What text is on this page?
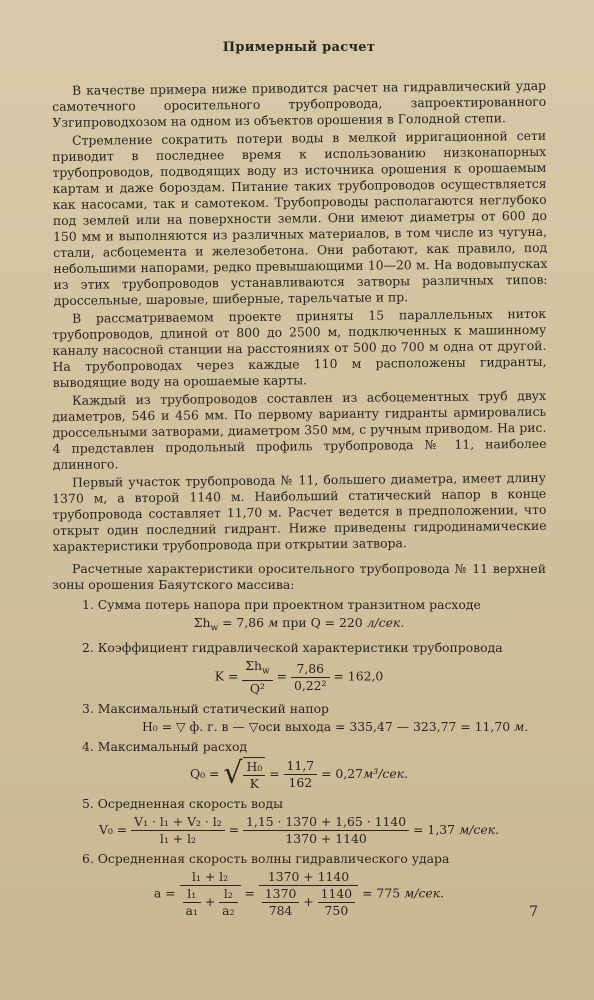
Примерный расчет

В качестве примера ниже приводится расчет на гидравлический удар самотечного оросительного трубопровода, запроектированного Узгипроводхозом на одном из объектов орошения в Голодной степи.

Стремление сократить потери воды в мелкой ирригационной сети приводит в последнее время к использованию низконапорных трубопроводов, подводящих воду из источника орошения к орошаемым картам и даже бороздам. Питание таких трубопроводов осуществляется как насосами, так и самотеком. Трубопроводы располагаются неглубоко под землей или на поверхности земли. Они имеют диаметры от 600 до 150 мм и выполняются из различных материалов, в том числе из чугуна, стали, асбоцемента и железобетона. Они работают, как правило, под небольшими напорами, редко превышающими 10—20 м. На водовыпусках из этих трубопроводов устанавливаются затворы различных типов: дроссельные, шаровые, шиберные, тарельчатые и пр.

В рассматриваемом проекте приняты 15 параллельных ниток трубопроводов, длиной от 800 до 2500 м, подключенных к машинному каналу насосной станции на расстояниях от 500 до 700 м одна от другой. На трубопроводах через каждые 110 м расположены гидранты, выводящие воду на орошаемые карты.

Каждый из трубопроводов составлен из асбоцементных труб двух диаметров, 546 и 456 мм. По первому варианту гидранты армировались дроссельными затворами, диаметром 350 мм, с ручным приводом. На рис. 4 представлен продольный профиль трубопровода № 11, наиболее длинного.

Первый участок трубопровода № 11, большего диаметра, имеет длину 1370 м, а второй 1140 м. Наибольший статический напор в конце трубопровода составляет 11,70 м. Расчет ведется в предположении, что открыт один последний гидрант. Ниже приведены гидродинамические характеристики трубопровода при открытии затвора.

Расчетные характеристики оросительного трубопровода № 11 верхней зоны орошения Баяутского массива:

1. Сумма потерь напора при проектном транзитном расходе
$\Sigma h_w = 7,86$ м при Q = 220 л/сек.
2. Коэффициент гидравлической характеристики трубопровода
$K = \frac{\Sigma h_w}{\text{Q²}} = \frac{7,86}{\text{0,22²}} = 162,0$
3. Максимальный статический напор
H₀ = ▽ ф. г. в — ▽оси выхода = 335,47 — 323,77 = 11,70 м.
4. Максимальный расход
Q₀ = √ $\frac{\text{H₀}}{K} = \frac{11,7}{162} = 0,27м^3/сек$.
5. Осредненная скорость воды
$V_0 = \frac{\text{V₁ · l₁ + V₂ · l₂}}{\text{l₁ + l₂}} = \frac{1,15 \cdot 1370 + 1,65 \cdot 1140}{1370 + 1140} = 1,37$ м/сек.
6. Осредненная скорость волны гидравлического удара
a =
l₁ + l₂
$\frac{\text{l₁}}{\text{a₁}} + \frac{\text{l₂}}{\text{a₂}}$ =
1370 + 1140
$\frac{1370}{784} + \frac{1140}{750} = 775$ м/сек.
7
